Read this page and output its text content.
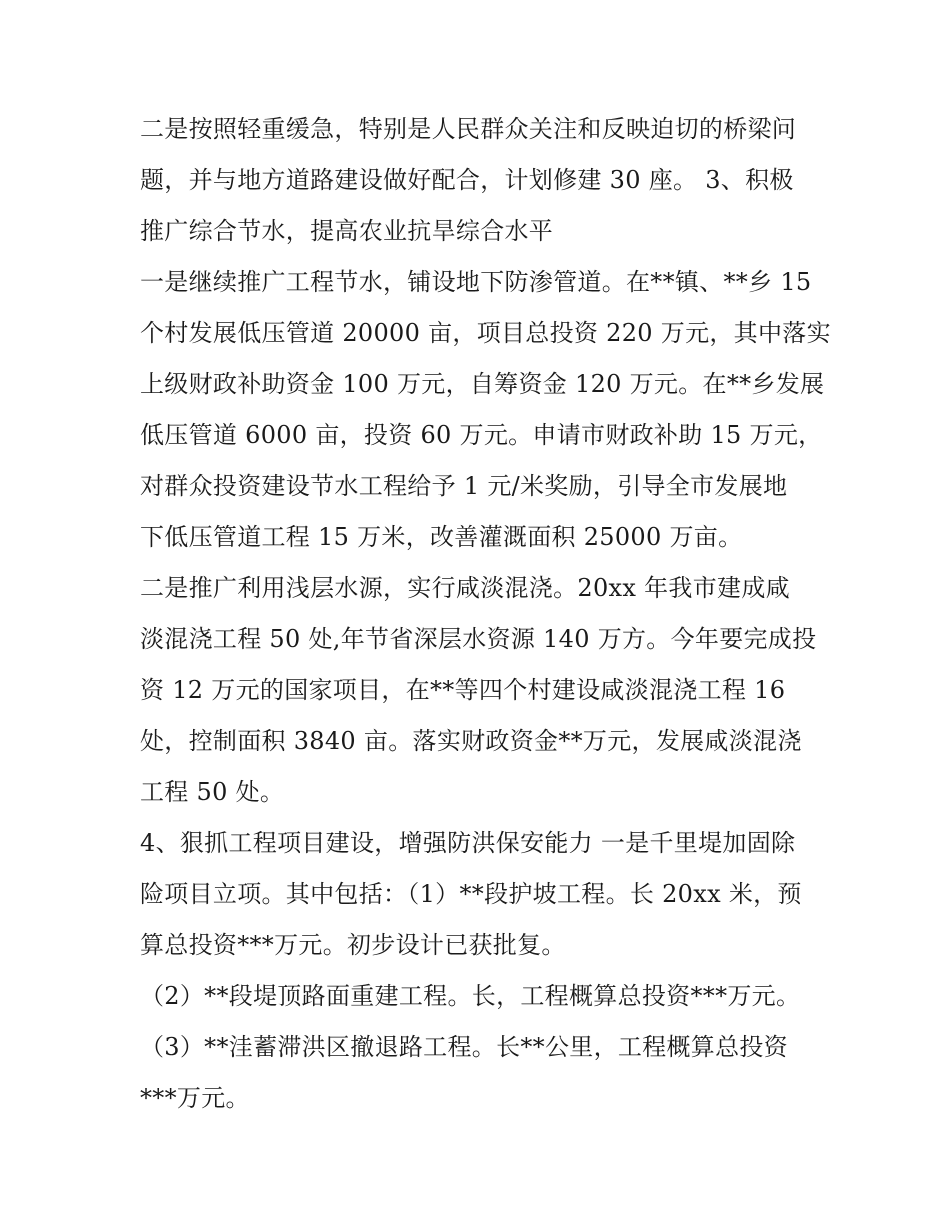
二是按照轻重缓急，特别是人民群众关注和反映迫切的桥梁问
题，并与地方道路建设做好配合，计划修建 30 座。 3、积极
推广综合节水，提高农业抗旱综合水平
一是继续推广工程节水，铺设地下防渗管道。在**镇、**乡 15
个村发展低压管道 20000 亩，项目总投资 220 万元，其中落实
上级财政补助资金 100 万元，自筹资金 120 万元。在**乡发展
低压管道 6000 亩，投资 60 万元。申请市财政补助 15 万元，
对群众投资建设节水工程给予 1 元/米奖励，引导全市发展地
下低压管道工程 15 万米，改善灌溉面积 25000 万亩。
二是推广利用浅层水源，实行咸淡混浇。20xx 年我市建成咸
淡混浇工程 50 处,年节省深层水资源 140 万方。今年要完成投
资 12 万元的国家项目，在**等四个村建设咸淡混浇工程 16
处，控制面积 3840 亩。落实财政资金**万元，发展咸淡混浇
工程 50 处。
4、狠抓工程项目建设，增强防洪保安能力 一是千里堤加固除
险项目立项。其中包括：（1）**段护坡工程。长 20xx 米，预
算总投资***万元。初步设计已获批复。
（2）**段堤顶路面重建工程。长，工程概算总投资***万元。
（3）**洼蓄滞洪区撤退路工程。长**公里，工程概算总投资
***万元。
